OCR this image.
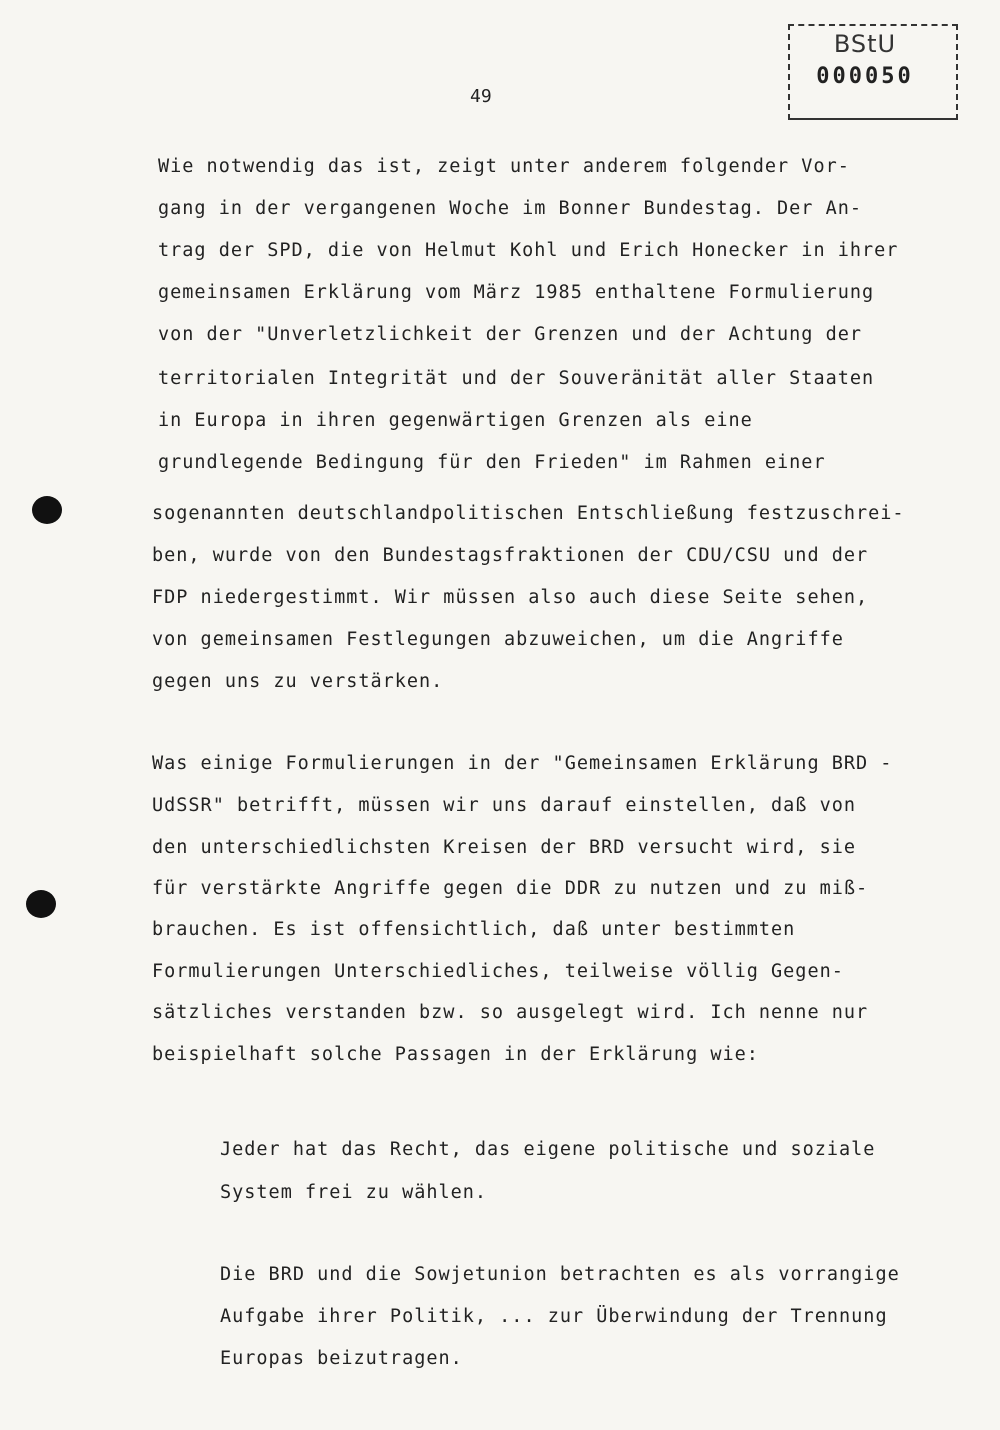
BStU
000050
49
Wie notwendig das ist, zeigt unter anderem folgender Vor-
gang in der vergangenen Woche im Bonner Bundestag. Der An-
trag der SPD, die von Helmut Kohl und Erich Honecker in ihrer
gemeinsamen Erklärung vom März 1985 enthaltene Formulierung
von der "Unverletzlichkeit der Grenzen und der Achtung der
territorialen Integrität und der Souveränität aller Staaten
in Europa in ihren gegenwärtigen Grenzen als eine
grundlegende Bedingung für den Frieden" im Rahmen einer
sogenannten deutschlandpolitischen Entschließung festzuschrei-
ben, wurde von den Bundestagsfraktionen der CDU/CSU und der
FDP niedergestimmt. Wir müssen also auch diese Seite sehen,
von gemeinsamen Festlegungen abzuweichen, um die Angriffe
gegen uns zu verstärken.
Was einige Formulierungen in der "Gemeinsamen Erklärung BRD -
UdSSR" betrifft, müssen wir uns darauf einstellen, daß von
den unterschiedlichsten Kreisen der BRD versucht wird, sie
für verstärkte Angriffe gegen die DDR zu nutzen und zu miß-
brauchen. Es ist offensichtlich, daß unter bestimmten
Formulierungen Unterschiedliches, teilweise völlig Gegen-
sätzliches verstanden bzw. so ausgelegt wird. Ich nenne nur
beispielhaft solche Passagen in der Erklärung wie:
Jeder hat das Recht, das eigene politische und soziale
System frei zu wählen.
Die BRD und die Sowjetunion betrachten es als vorrangige
Aufgabe ihrer Politik, ... zur Überwindung der Trennung
Europas beizutragen.
